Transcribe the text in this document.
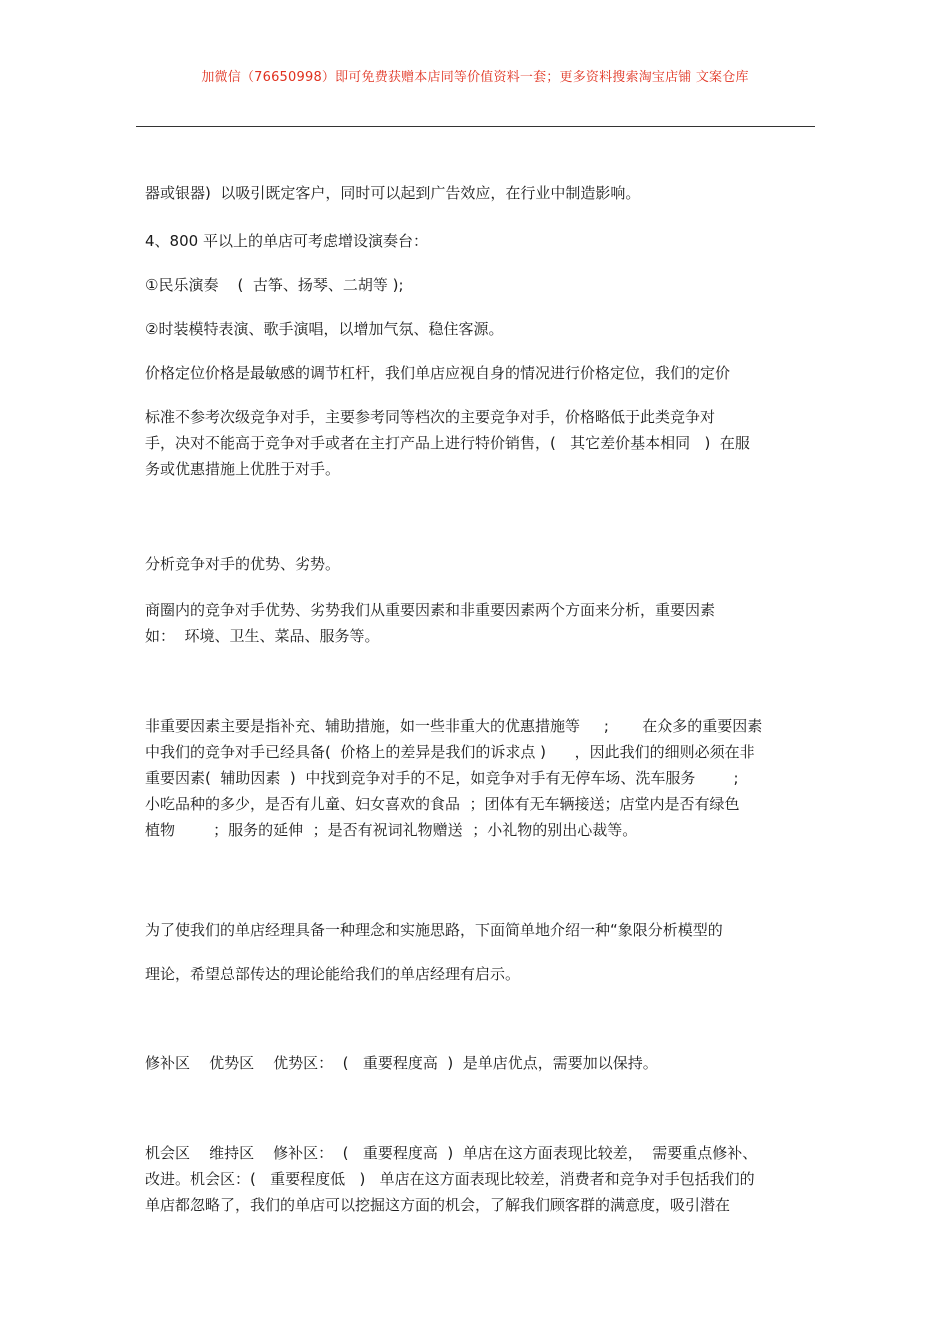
加微信（76650998）即可免费获赠本店同等价值资料一套；更多资料搜索淘宝店铺 文案仓库
器或银器)  以吸引既定客户，同时可以起到广告效应，在行业中制造影响。
4、800 平以上的单店可考虑增设演奏台：
①民乐演奏    (  古筝、扬琴、二胡等 );
②时装模特表演、歌手演唱，以增加气氛、稳住客源。
价格定位价格是最敏感的调节杠杆，我们单店应视自身的情况进行价格定位，我们的定价
标准不参考次级竞争对手，主要参考同等档次的主要竞争对手，价格略低于此类竞争对
手，决对不能高于竞争对手或者在主打产品上进行特价销售，(   其它差价基本相同   )  在服
务或优惠措施上优胜于对手。
分析竞争对手的优势、劣势。
商圈内的竞争对手优势、劣势我们从重要因素和非重要因素两个方面来分析，重要因素
如：  环境、卫生、菜品、服务等。
非重要因素主要是指补充、辅助措施，如一些非重大的优惠措施等     ;       在众多的重要因素
中我们的竞争对手已经具备(  价格上的差异是我们的诉求点 )      ，因此我们的细则必须在非
重要因素(  辅助因素  )  中找到竞争对手的不足，如竞争对手有无停车场、洗车服务        ;
小吃品种的多少，是否有儿童、妇女喜欢的食品  ；团体有无车辆接送；店堂内是否有绿色
植物        ；服务的延伸  ；是否有祝词礼物赠送  ；小礼物的别出心裁等。
为了使我们的单店经理具备一种理念和实施思路，下面简单地介绍一种“象限分析模型的
理论，希望总部传达的理论能给我们的单店经理有启示。
修补区    优势区    优势区：  (   重要程度高  )  是单店优点，需要加以保持。
机会区    维持区    修补区：  (   重要程度高  )  单店在这方面表现比较差，  需要重点修补、
改进。机会区：(   重要程度低   )   单店在这方面表现比较差，消费者和竞争对手包括我们的
单店都忽略了，我们的单店可以挖掘这方面的机会，了解我们顾客群的满意度，吸引潜在
